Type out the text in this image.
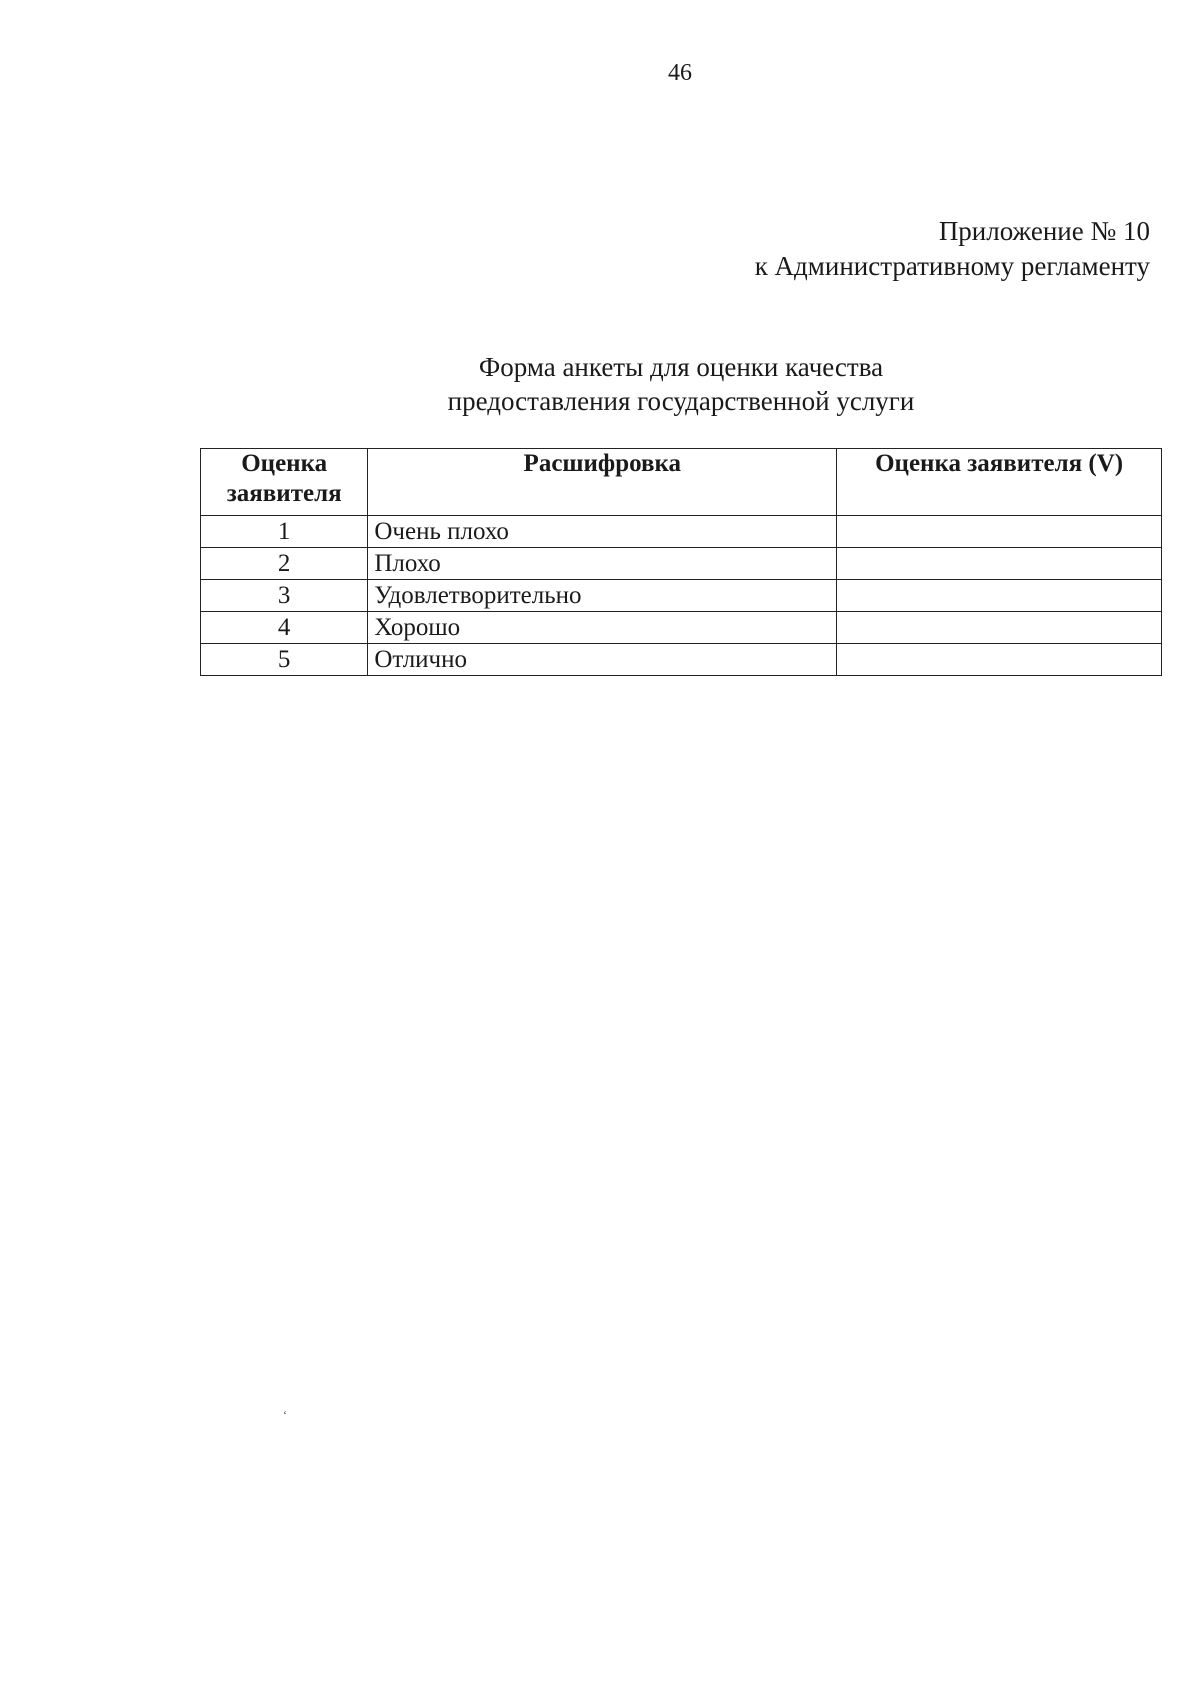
46
Приложение № 10
к Административному регламенту
Форма анкеты для оценки качества
предоставления государственной услуги
Оценка заявителя	Расшифровка	Оценка заявителя (V)
1	Очень плохо	
2	Плохо	
3	Удовлетворительно	
4	Хорошо	
5	Отлично	
ʻ
